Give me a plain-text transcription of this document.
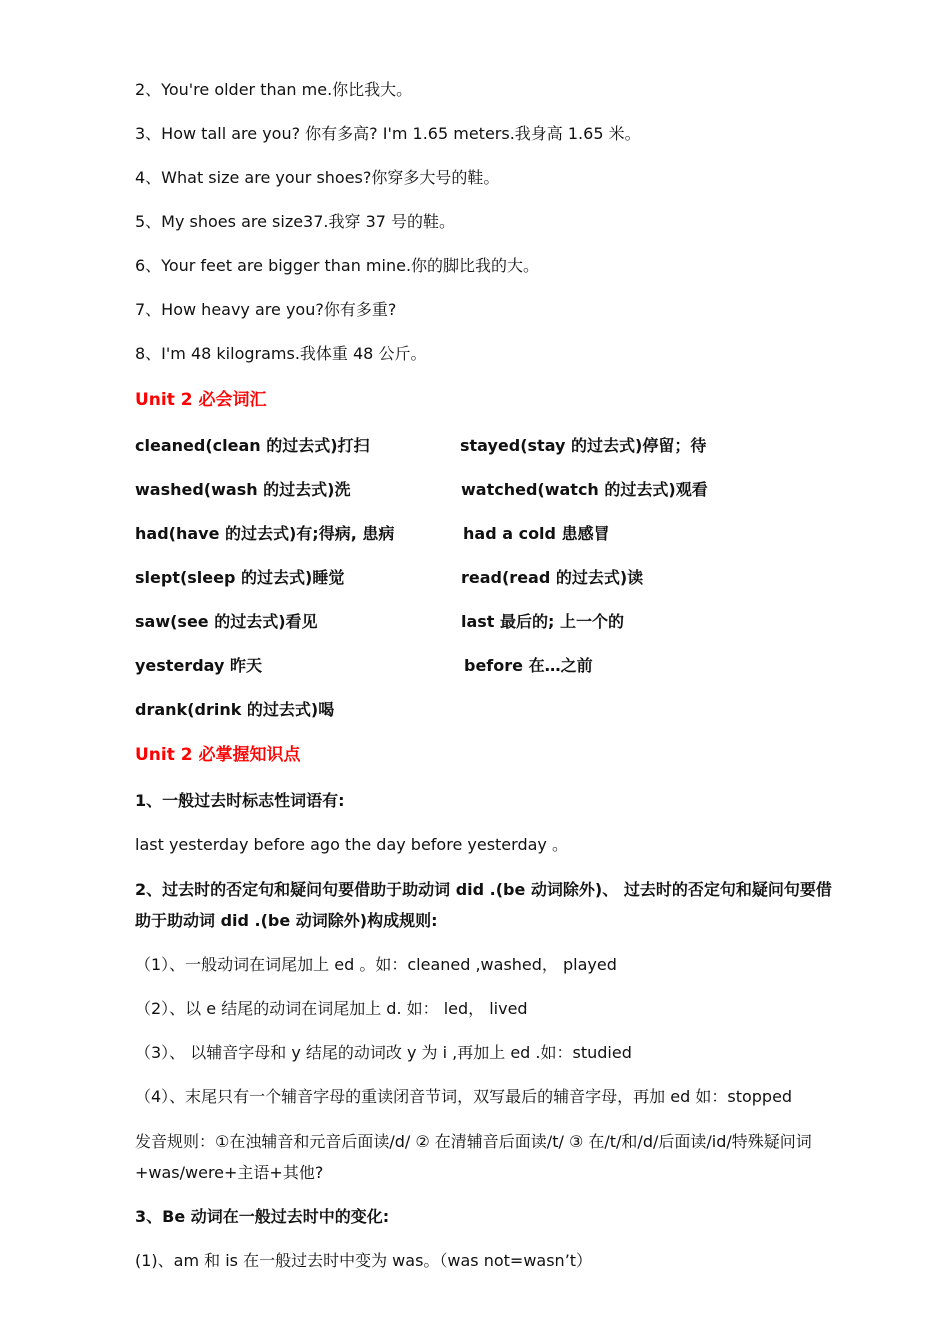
2、You're older than me.你比我大。
3、How tall are you? 你有多高? I'm 1.65 meters.我身高 1.65 米。
4、What size are your shoes?你穿多大号的鞋。
5、My shoes are size37.我穿 37 号的鞋。
6、Your feet are bigger than mine.你的脚比我的大。
7、How heavy are you?你有多重?
8、I'm 48 kilograms.我体重 48 公斤。
Unit 2 必会词汇
cleaned(clean 的过去式)打扫
washed(wash 的过去式)洗
had(have 的过去式)有;得病, 患病
slept(sleep 的过去式)睡觉
saw(see 的过去式)看见
yesterday 昨天
drank(drink 的过去式)喝
stayed(stay 的过去式)停留；待
watched(watch 的过去式)观看
had a cold 患感冒
read(read 的过去式)读
last 最后的; 上一个的
before 在…之前
Unit 2 必掌握知识点
1、一般过去时标志性词语有:
last yesterday before ago the day before yesterday 。
2、过去时的否定句和疑问句要借助于助动词 did .(be 动词除外)、 过去时的否定句和疑问句要借助于助动词 did .(be 动词除外)构成规则:
（1）、一般动词在词尾加上 ed 。如：cleaned ,washed， played
（2）、以 e 结尾的动词在词尾加上 d. 如： led， lived
（3）、 以辅音字母和 y 结尾的动词改 y 为 i ,再加上 ed .如：studied
（4）、末尾只有一个辅音字母的重读闭音节词，双写最后的辅音字母，再加 ed 如：stopped
发音规则：①在浊辅音和元音后面读/d/ ② 在清辅音后面读/t/ ③ 在/t/和/d/后面读/id/特殊疑问词+was/were+主语+其他?
3、Be 动词在一般过去时中的变化:
(1)、am 和 is 在一般过去时中变为 was。（was not=wasn’t）
